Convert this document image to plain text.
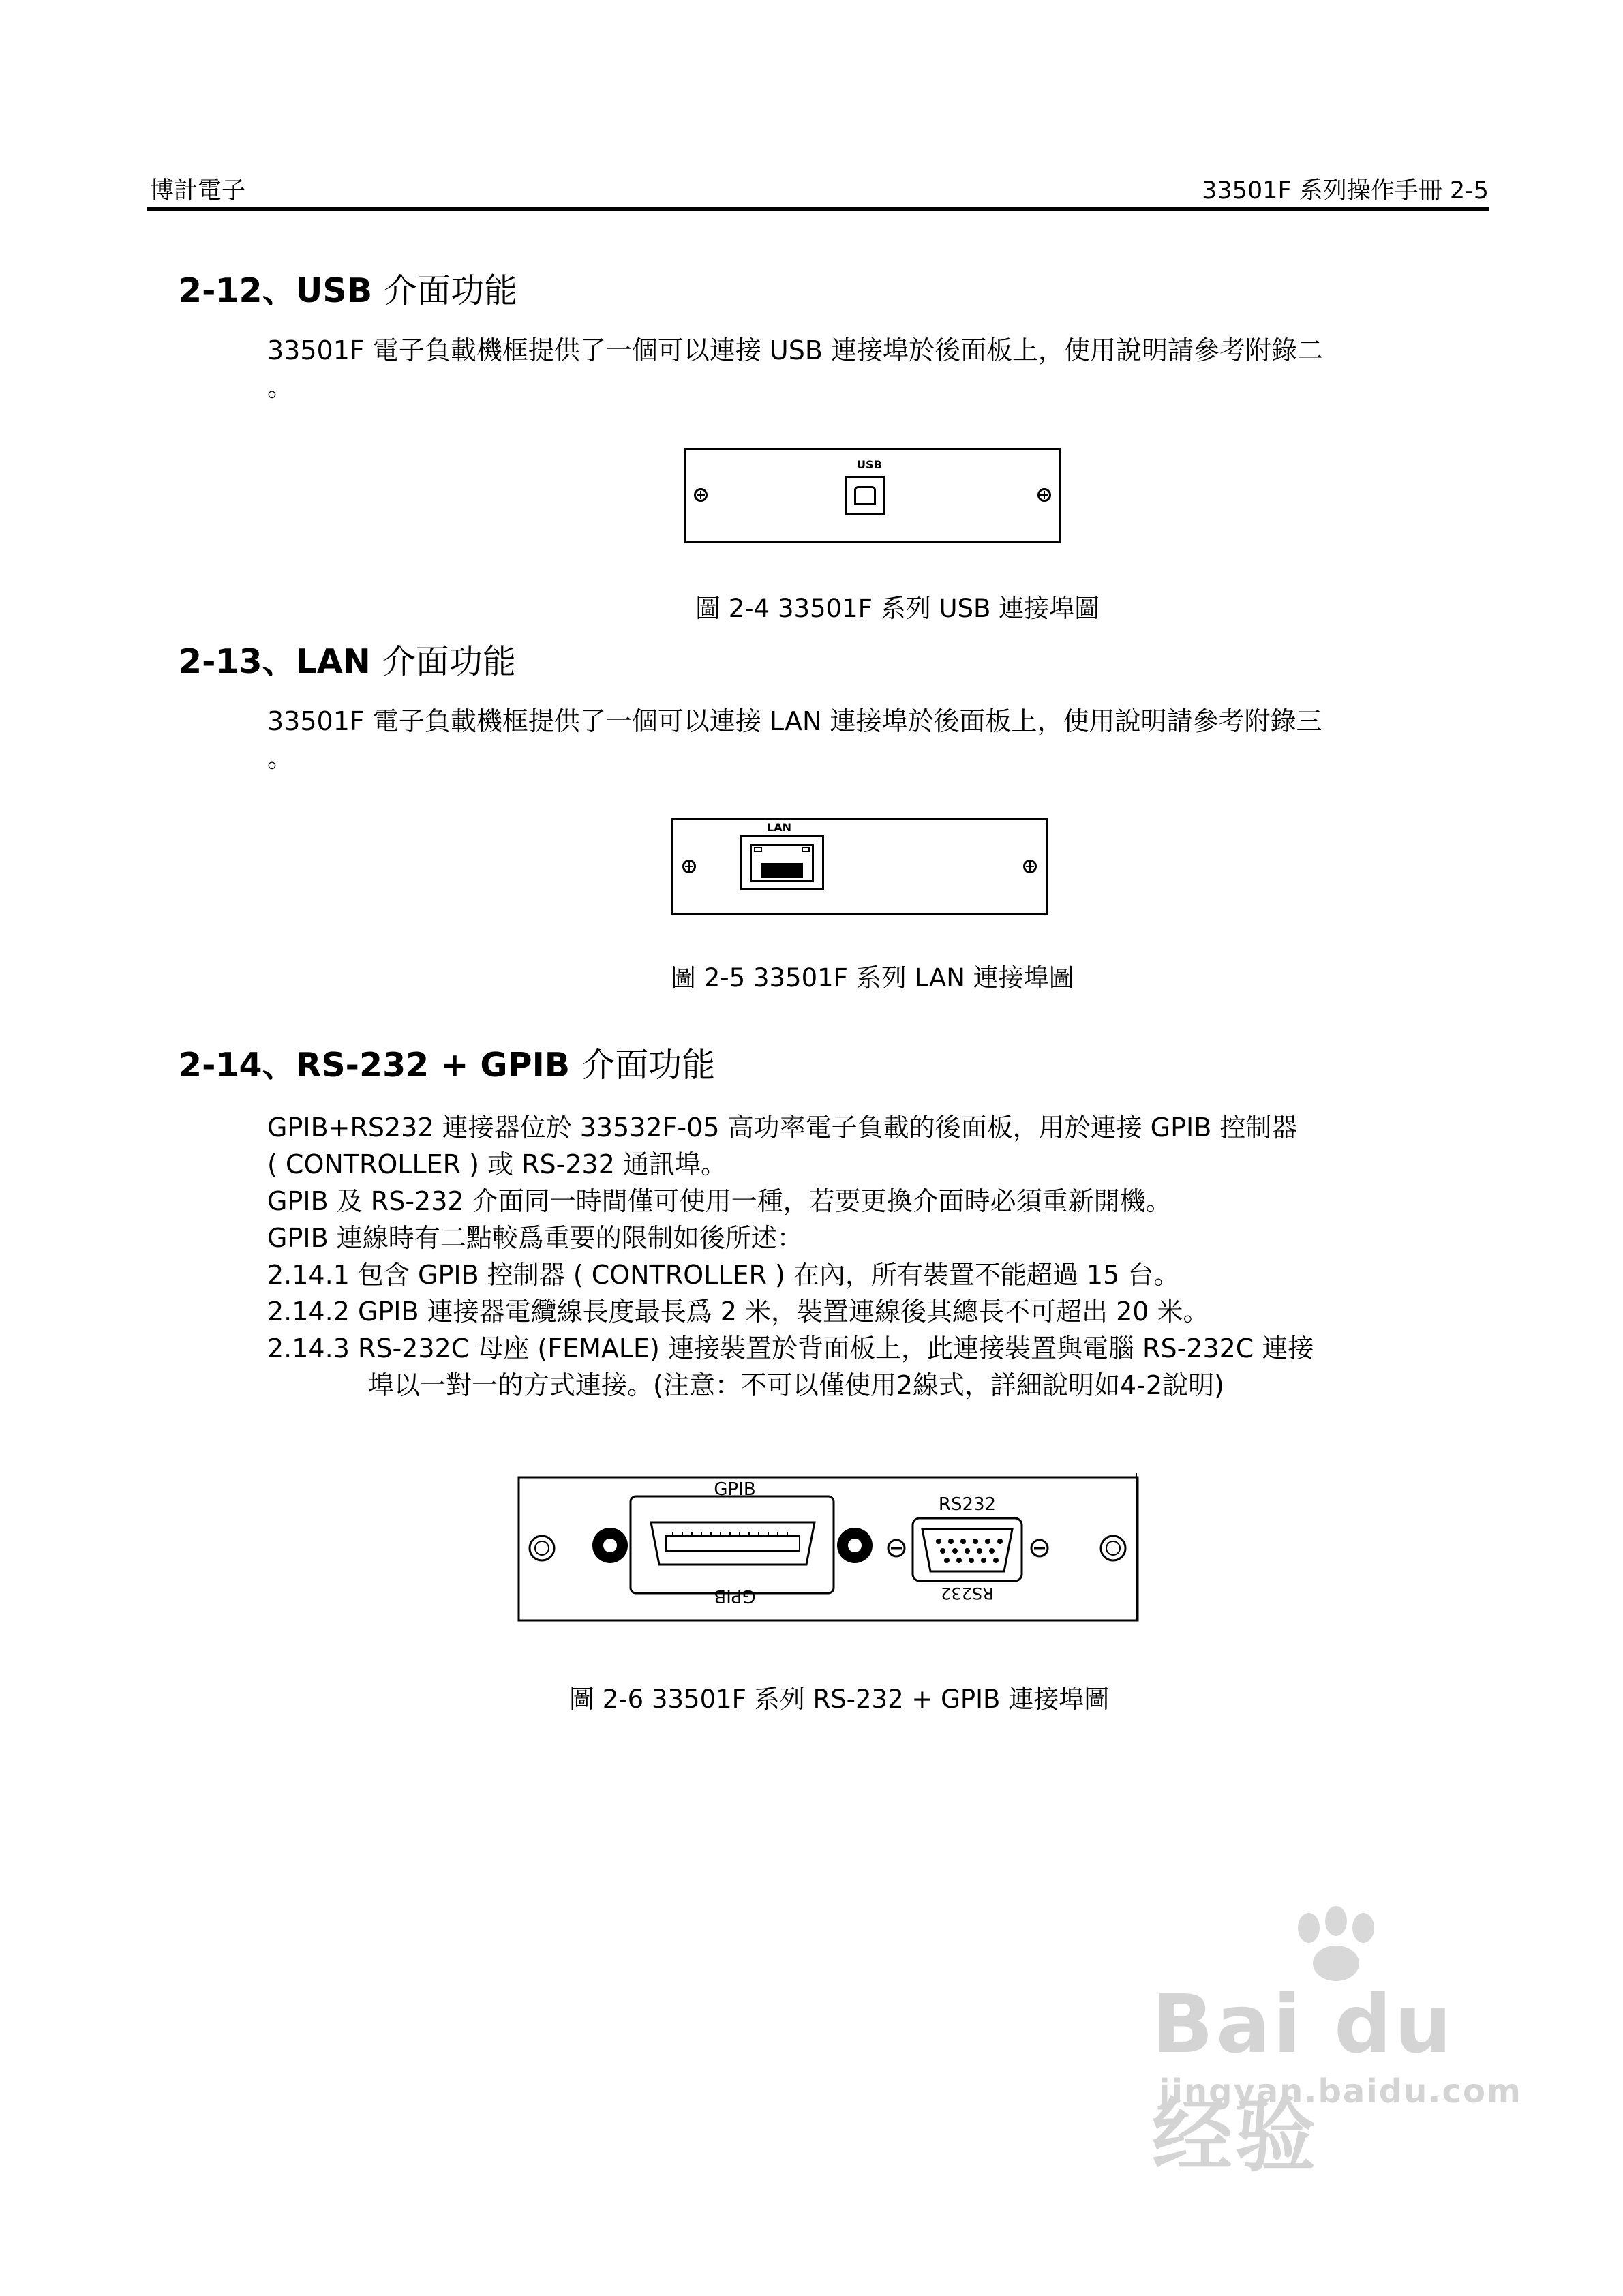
博計電子	33501F 系列操作手冊 2-5
2-12、USB 介面功能
33501F 電子負載機框提供了一個可以連接 USB 連接埠於後面板上，使用說明請參考附錄二
。
USB
圖 2-4 33501F 系列 USB 連接埠圖
2-13、LAN 介面功能
33501F 電子負載機框提供了一個可以連接 LAN 連接埠於後面板上，使用說明請參考附錄三
。
LAN
圖 2-5 33501F 系列 LAN 連接埠圖
2-14、RS-232 + GPIB 介面功能
GPIB+RS232 連接器位於 33532F-05 高功率電子負載的後面板，用於連接 GPIB 控制器
( CONTROLLER ) 或 RS-232 通訊埠。
GPIB 及 RS-232 介面同一時間僅可使用一種，若要更換介面時必須重新開機。
GPIB 連線時有二點較爲重要的限制如後所述：
2.14.1 包含 GPIB 控制器 ( CONTROLLER ) 在內，所有裝置不能超過 15 台。
2.14.2 GPIB 連接器電纜線長度最長爲 2 米，裝置連線後其總長不可超出 20 米。
2.14.3 RS-232C 母座 (FEMALE) 連接裝置於背面板上，此連接裝置與電腦 RS-232C 連接
埠以一對一的方式連接。(注意：不可以僅使用2線式，詳細說明如4-2說明)
GPIB
GPIB
RS232
RS232
圖 2-6 33501F 系列 RS-232 + GPIB 連接埠圖
Bai du 经验
jingyan.baidu.com
